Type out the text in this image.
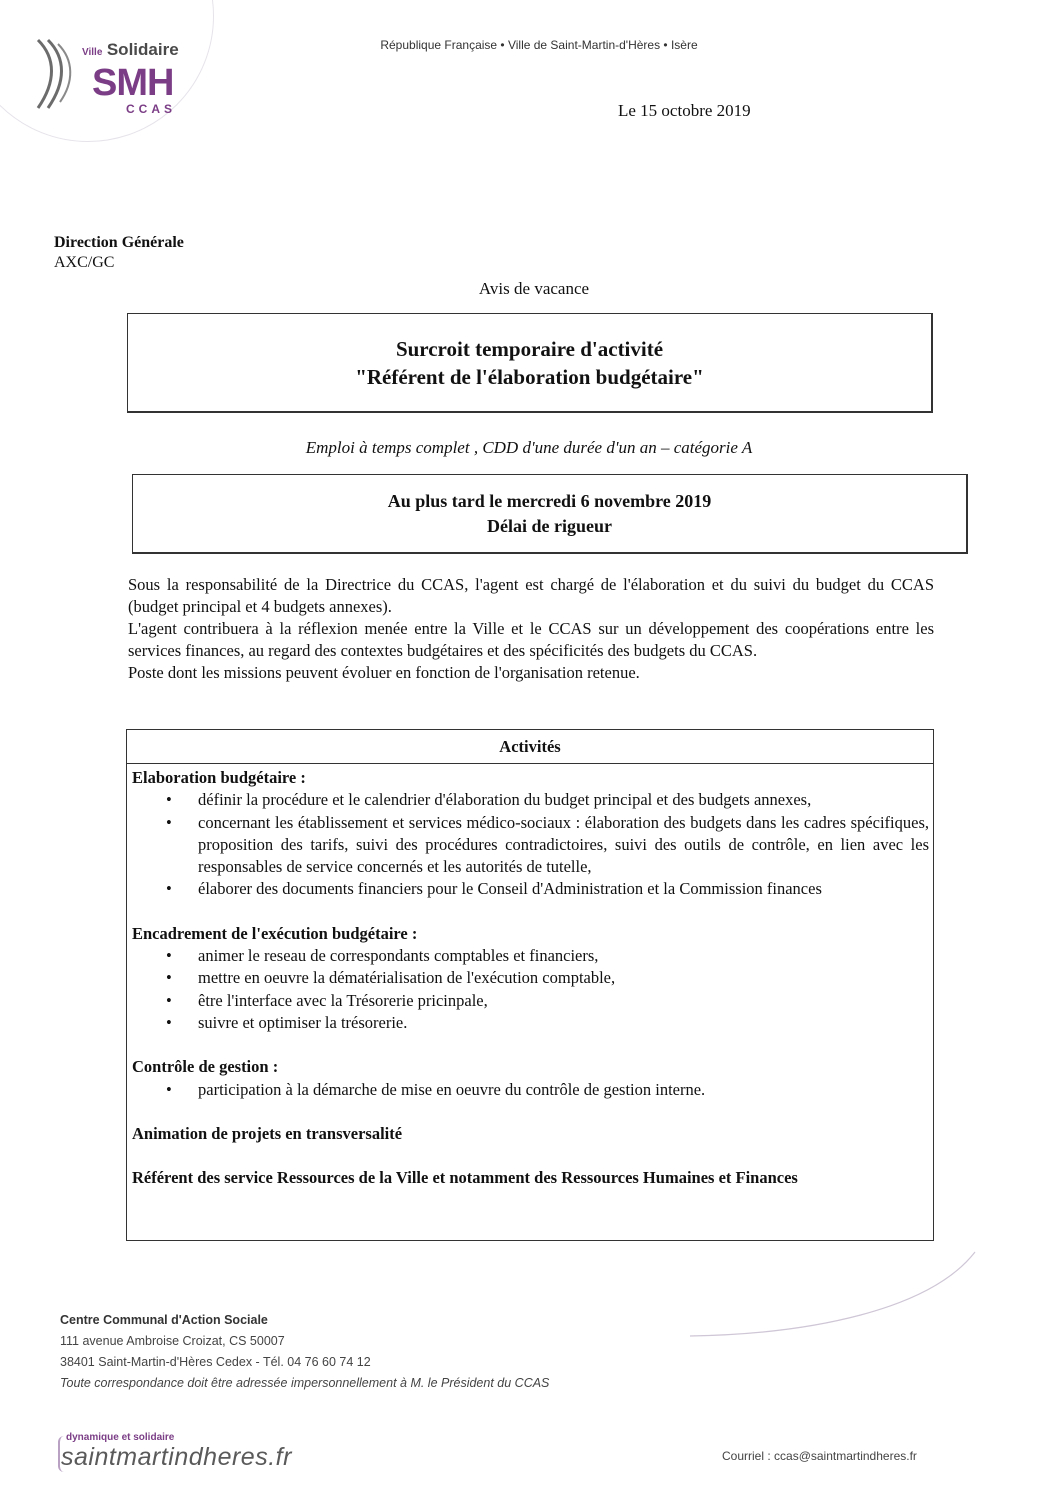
Ville Solidaire
SMH
CCAS
République Française • Ville de Saint-Martin-d'Hères • Isère
Le 15 octobre 2019
Direction Générale
AXC/GC
Avis de vacance
Surcroit temporaire d'activité
"Référent de l'élaboration budgétaire"
Emploi à temps complet , CDD d'une durée d'un an – catégorie A
Au plus tard le mercredi 6 novembre 2019
Délai de rigueur

Sous la responsabilité de la Directrice du CCAS, l'agent est chargé de l'élaboration et du suivi du budget du CCAS (budget principal et 4 budgets annexes).

L'agent contribuera à la réflexion menée entre la Ville et le CCAS sur un développement des coopérations entre les services finances, au regard des contextes budgétaires et des spécificités des budgets du CCAS.

Poste dont les missions peuvent évoluer en fonction de l'organisation retenue.

Activités
Elaboration budgétaire :
• définir la procédure et le calendrier d'élaboration du budget principal et des budgets annexes,
• concernant les établissement et services médico-sociaux : élaboration des budgets dans les cadres spécifiques, proposition des tarifs, suivi des procédures contradictoires, suivi des outils de contrôle, en lien avec les responsables de service concernés et les autorités de tutelle,
• élaborer des documents financiers pour le Conseil d'Administration et la Commission finances
Encadrement de l'exécution budgétaire :
• animer le reseau de correspondants comptables et financiers,
• mettre en oeuvre la dématérialisation de l'exécution comptable,
• être l'interface avec la Trésorerie pricinpale,
• suivre et optimiser la trésorerie.
Contrôle de gestion :
• participation à la démarche de mise en oeuvre du contrôle de gestion interne.
Animation de projets en transversalité
Référent des service Ressources de la Ville et notamment des Ressources Humaines et Finances
Centre Communal d'Action Sociale
111 avenue Ambroise Croizat, CS 50007
38401 Saint-Martin-d'Hères Cedex - Tél. 04 76 60 74 12
Toute correspondance doit être adressée impersonnellement à M. le Président du CCAS
dynamique et solidaire
saintmartindheres.fr	Courriel : ccas@saintmartindheres.fr
